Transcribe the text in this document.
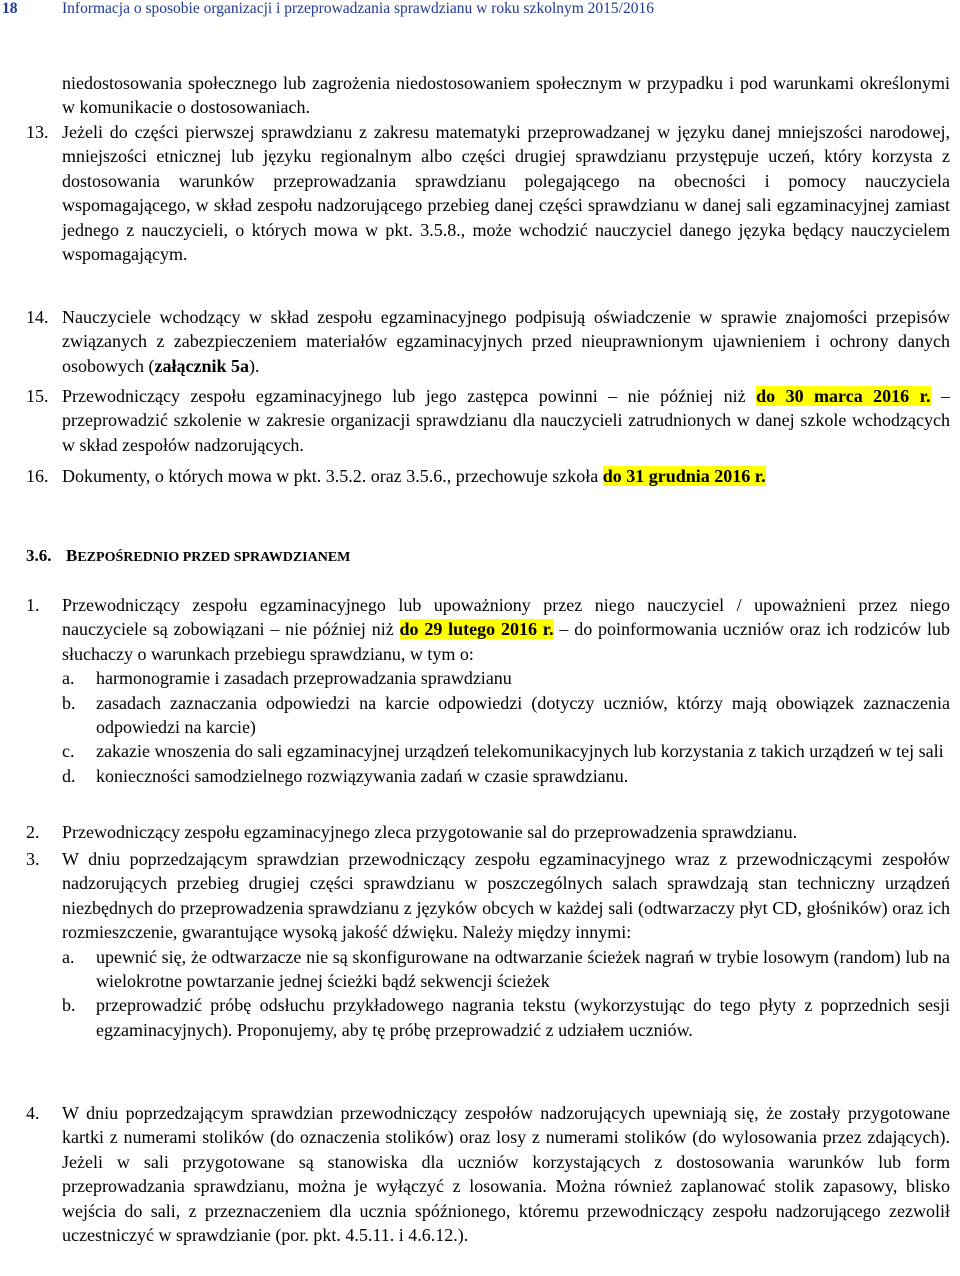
18	Informacja o sposobie organizacji i przeprowadzania sprawdzianu w roku szkolnym 2015/2016
niedostosowania społecznego lub zagrożenia niedostosowaniem społecznym w przypadku i pod warunkami określonymi w komunikacie o dostosowaniach.
13. Jeżeli do części pierwszej sprawdzianu z zakresu matematyki przeprowadzanej w języku danej mniejszości narodowej, mniejszości etnicznej lub języku regionalnym albo części drugiej sprawdzianu przystępuje uczeń, który korzysta z dostosowania warunków przeprowadzania sprawdzianu polegającego na obecności i pomocy nauczyciela wspomagającego, w skład zespołu nadzorującego przebieg danej części sprawdzianu w danej sali egzaminacyjnej zamiast jednego z nauczycieli, o których mowa w pkt. 3.5.8., może wchodzić nauczyciel danego języka będący nauczycielem wspomagającym.
14. Nauczyciele wchodzący w skład zespołu egzaminacyjnego podpisują oświadczenie w sprawie znajomości przepisów związanych z zabezpieczeniem materiałów egzaminacyjnych przed nieuprawnionym ujawnieniem i ochrony danych osobowych (załącznik 5a).
15. Przewodniczący zespołu egzaminacyjnego lub jego zastępca powinni – nie później niż do 30 marca 2016 r. – przeprowadzić szkolenie w zakresie organizacji sprawdzianu dla nauczycieli zatrudnionych w danej szkole wchodzących w skład zespołów nadzorujących.
16. Dokumenty, o których mowa w pkt. 3.5.2. oraz 3.5.6., przechowuje szkoła do 31 grudnia 2016 r.
3.6. BEZPOŚREDNIO PRZED SPRAWDZIANEM
1. Przewodniczący zespołu egzaminacyjnego lub upoważniony przez niego nauczyciel / upoważnieni przez niego nauczyciele są zobowiązani – nie później niż do 29 lutego 2016 r. – do poinformowania uczniów oraz ich rodziców lub słuchaczy o warunkach przebiegu sprawdzianu, w tym o:
a. harmonogramie i zasadach przeprowadzania sprawdzianu
b. zasadach zaznaczania odpowiedzi na karcie odpowiedzi (dotyczy uczniów, którzy mają obowiązek zaznaczenia odpowiedzi na karcie)
c. zakazie wnoszenia do sali egzaminacyjnej urządzeń telekomunikacyjnych lub korzystania z takich urządzeń w tej sali
d. konieczności samodzielnego rozwiązywania zadań w czasie sprawdzianu.
2. Przewodniczący zespołu egzaminacyjnego zleca przygotowanie sal do przeprowadzenia sprawdzianu.
3. W dniu poprzedzającym sprawdzian przewodniczący zespołu egzaminacyjnego wraz z przewodniczącymi zespołów nadzorujących przebieg drugiej części sprawdzianu w poszczególnych salach sprawdzają stan techniczny urządzeń niezbędnych do przeprowadzenia sprawdzianu z języków obcych w każdej sali (odtwarzaczy płyt CD, głośników) oraz ich rozmieszczenie, gwarantujące wysoką jakość dźwięku. Należy między innymi:
a. upewnić się, że odtwarzacze nie są skonfigurowane na odtwarzanie ścieżek nagrań w trybie losowym (random) lub na wielokrotne powtarzanie jednej ścieżki bądź sekwencji ścieżek
b. przeprowadzić próbę odsłuchu przykładowego nagrania tekstu (wykorzystując do tego płyty z poprzednich sesji egzaminacyjnych). Proponujemy, aby tę próbę przeprowadzić z udziałem uczniów.
4. W dniu poprzedzającym sprawdzian przewodniczący zespołów nadzorujących upewniają się, że zostały przygotowane kartki z numerami stolików (do oznaczenia stolików) oraz losy z numerami stolików (do wylosowania przez zdających). Jeżeli w sali przygotowane są stanowiska dla uczniów korzystających z dostosowania warunków lub form przeprowadzania sprawdzianu, można je wyłączyć z losowania. Można również zaplanować stolik zapasowy, blisko wejścia do sali, z przeznaczeniem dla ucznia spóźnionego, któremu przewodniczący zespołu nadzorującego zezwolił uczestniczyć w sprawdzianie (por. pkt. 4.5.11. i 4.6.12.).
